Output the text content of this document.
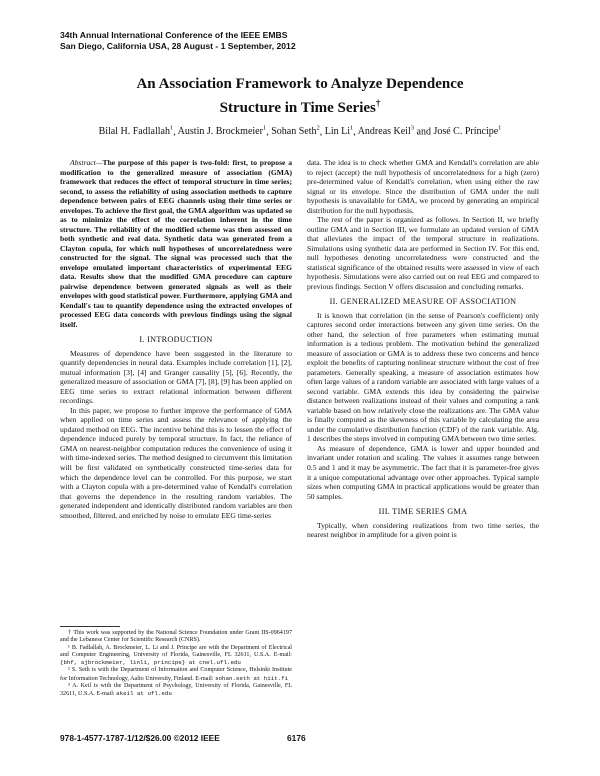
34th Annual International Conference of the IEEE EMBS
San Diego, California USA, 28 August - 1 September, 2012
An Association Framework to Analyze Dependence
Structure in Time Series†
Bilal H. Fadlallah$^1$, Austin J. Brockmeier$^1$, Sohan Seth$^2$, Lin Li$^1$, Andreas Keil$^3$ and José C. Príncipe$^1$

Abstract—The purpose of this paper is two-fold: first, to propose a modification to the generalized measure of association (GMA) framework that reduces the effect of temporal structure in time series; second, to assess the reliability of using association methods to capture dependence between pairs of EEG channels using their time series or envelopes. To achieve the first goal, the GMA algorithm was updated so as to minimize the effect of the correlation inherent in the time structure. The reliability of the modified scheme was then assessed on both synthetic and real data. Synthetic data was generated from a Clayton copula, for which null hypotheses of uncorrelatedness were constructed for the signal. The signal was processed such that the envelope emulated important characteristics of experimental EEG data. Results show that the modified GMA procedure can capture pairwise dependence between generated signals as well as their envelopes with good statistical power. Furthermore, applying GMA and Kendall's tau to quantify dependence using the extracted envelopes of processed EEG data concords with previous findings using the signal itself.

I. INTRODUCTION

Measures of dependence have been suggested in the literature to quantify dependencies in neural data. Examples include correlation [1], [2], mutual information [3], [4] and Granger causality [5], [6]. Recently, the generalized measure of association or GMA [7], [8], [9] has been applied on EEG time series to extract relational information between different recordings.

In this paper, we propose to further improve the performance of GMA when applied on time series and assess the relevance of applying the updated method on EEG. The incentive behind this is to lessen the effect of dependence induced purely by temporal structure. In fact, the reliance of GMA on nearest-neighbor computation reduces the convenience of using it with time-indexed series. The method designed to circumvent this limitation will be first validated on synthetically constructed time-series data for which the dependence level can be controlled. For this purpose, we start with a Clayton copula with a pre-determined value of Kendall's correlation that governs the dependence in the resulting random variables. The generated independent and identically distributed random variables are then smoothed, filtered, and enriched by noise to emulate EEG time-series

† This work was supported by the National Science Foundation under Grant IIS-0964197 and the Lebanese Center for Scientific Research (CNRS).

¹ B. Fadlallah, A. Brockmeier, L. Li and J. Principe are with the Department of Electrical and Computer Engineering, University of Florida, Gainesville, FL 32611, U.S.A. E-mail: {bhf, ajbrockmeier, linli, principe} at cnel.ufl.edu

² S. Seth is with the Department of Information and Computer Science, Helsinki Institute for Information Technology, Aalto University, Finland. E-mail: sohan.seth at hiit.fi

³ A. Keil is with the Department of Psychology, University of Florida, Gainesville, FL 32611, U.S.A. E-mail: akeil at ufl.edu

data. The idea is to check whether GMA and Kendall's correlation are able to reject (accept) the null hypothesis of uncorrelatedness for a high (zero) pre-determined value of Kendall's correlation, when using either the raw signal or its envelope. Since the distribution of GMA under the null hypothesis is unavailable for GMA, we proceed by generating an empirical distribution for the null hypothesis.

The rest of the paper is organized as follows. In Section II, we briefly outline GMA and in Section III, we formulate an updated version of GMA that alleviates the impact of the temporal structure in realizations. Simulations using synthetic data are performed in Section IV. For this end, null hypotheses denoting uncorrelatedness were constructed and the statistical significance of the obtained results were assessed in view of each hypothesis. Simulations were also carried out on real EEG and compared to previous findings. Section V offers discussion and concluding remarks.

II. GENERALIZED MEASURE OF ASSOCIATION

It is known that correlation (in the sense of Pearson's coefficient) only captures second order interactions between any given time series. On the other hand, the selection of free parameters when estimating mutual information is a tedious problem. The motivation behind the generalized measure of association or GMA is to address these two concerns and hence exploit the benefits of capturing nonlinear structure without the cost of free parameters. Generally speaking, a measure of association estimates how often large values of a random variable are associated with large values of a second variable. GMA extends this idea by considering the pairwise distance between realizations instead of their values and computing a rank variable based on how relatively close the realizations are. The GMA value is finally computed as the skewness of this variable by calculating the area under the cumulative distribution function (CDF) of the rank variable. Alg. 1 describes the steps involved in computing GMA between two time series.

As measure of dependence, GMA is lower and upper bounded and invariant under rotation and scaling. The values it assumes range between 0.5 and 1 and it may be asymmetric. The fact that it is parameter-free gives it a unique computational advantage over other approaches. Typical sample sizes when computing GMA in practical applications would be greater than 50 samples.

III. TIME SERIES GMA

Typically, when considering realizations from two time series, the nearest neighbor in amplitude for a given point is

978-1-4577-1787-1/12/$26.00 ©2012 IEEE	6176
